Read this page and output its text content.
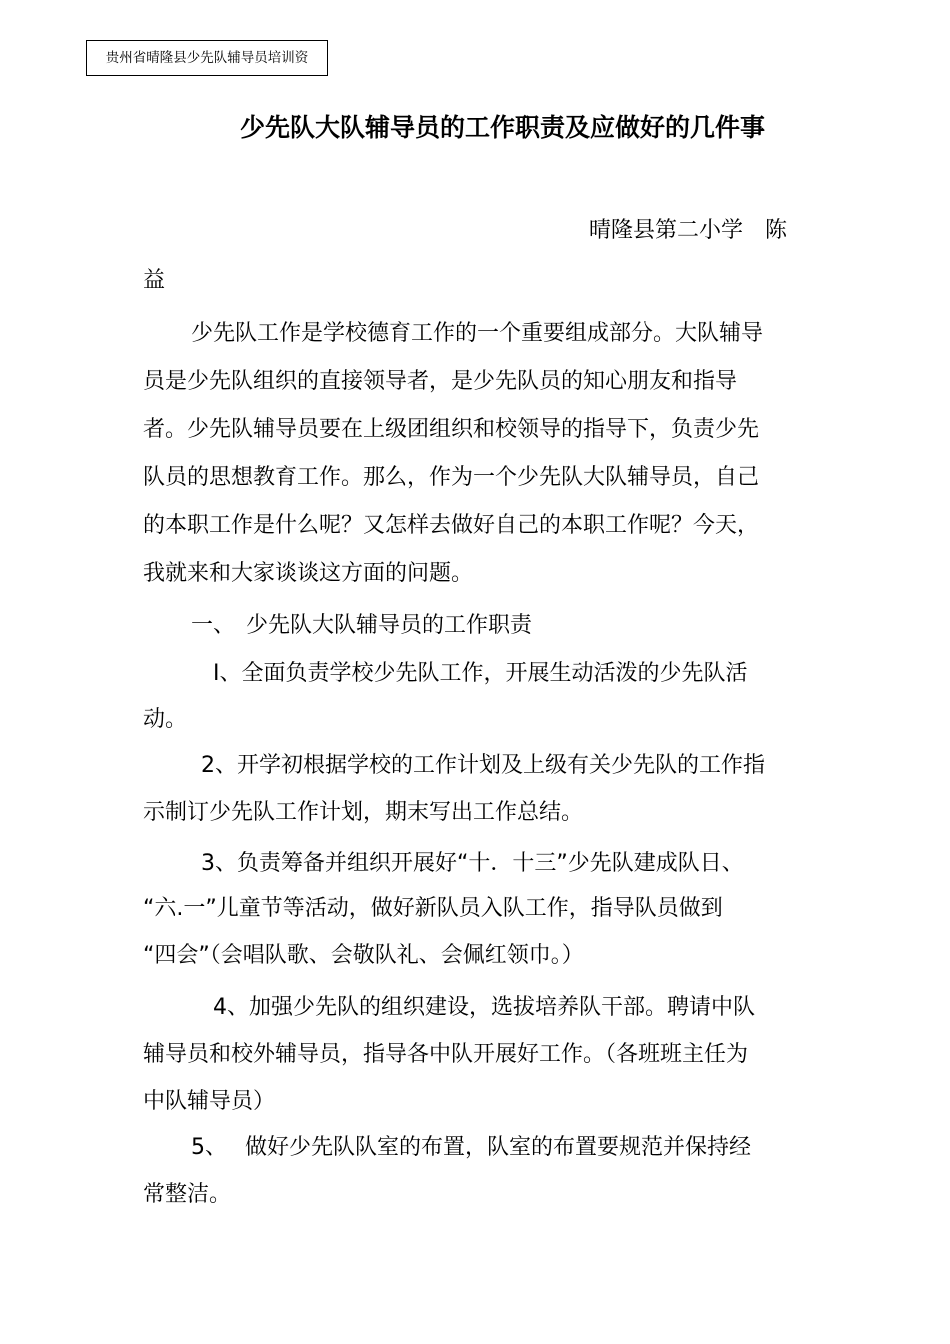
贵州省晴隆县少先队辅导员培训资
少先队大队辅导员的工作职责及应做好的几件事
晴隆县第二小学　陈
益
少先队工作是学校德育工作的一个重要组成部分。大队辅导
员是少先队组织的直接领导者，是少先队员的知心朋友和指导
者。少先队辅导员要在上级团组织和校领导的指导下，负责少先
队员的思想教育工作。那么，作为一个少先队大队辅导员，自己
的本职工作是什么呢？又怎样去做好自己的本职工作呢？今天，
我就来和大家谈谈这方面的问题。
一、　少先队大队辅导员的工作职责
Ⅰ、全面负责学校少先队工作，开展生动活泼的少先队活
动。
2、开学初根据学校的工作计划及上级有关少先队的工作指
示制订少先队工作计划，期末写出工作总结。
3、负责筹备并组织开展好“十．十三”少先队建成队日、
“六.一”儿童节等活动，做好新队员入队工作，指导队员做到
“四会”（会唱队歌、会敬队礼、会佩红领巾。）
4、加强少先队的组织建设，选拔培养队干部。聘请中队
辅导员和校外辅导员，指导各中队开展好工作。（各班班主任为
中队辅导员）
5、　 做好少先队队室的布置，队室的布置要规范并保持经
常整洁。
